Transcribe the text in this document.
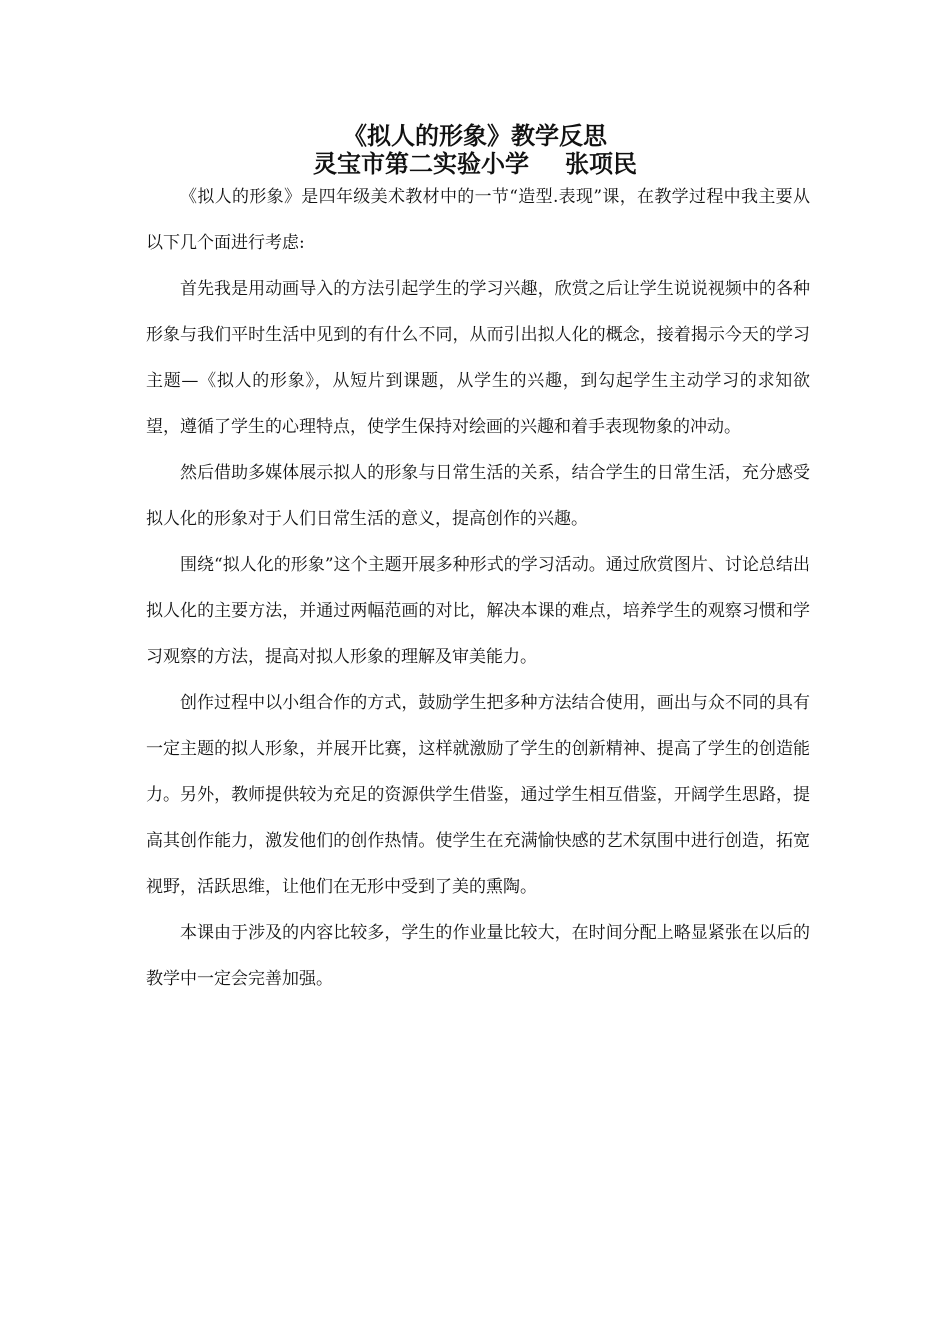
《拟人的形象》教学反思
灵宝市第二实验小学 张项民

《拟人的形象》是四年级美术教材中的一节“造型.表现”课，在教学过程中我主要从以下几个面进行考虑:

首先我是用动画导入的方法引起学生的学习兴趣，欣赏之后让学生说说视频中的各种形象与我们平时生活中见到的有什么不同，从而引出拟人化的概念，接着揭示今天的学习主题—《拟人的形象》，从短片到课题，从学生的兴趣，到勾起学生主动学习的求知欲望，遵循了学生的心理特点，使学生保持对绘画的兴趣和着手表现物象的冲动。

然后借助多媒体展示拟人的形象与日常生活的关系，结合学生的日常生活，充分感受拟人化的形象对于人们日常生活的意义，提高创作的兴趣。

围绕“拟人化的形象”这个主题开展多种形式的学习活动。通过欣赏图片、讨论总结出拟人化的主要方法，并通过两幅范画的对比，解决本课的难点，培养学生的观察习惯和学习观察的方法，提高对拟人形象的理解及审美能力。

创作过程中以小组合作的方式，鼓励学生把多种方法结合使用，画出与众不同的具有一定主题的拟人形象，并展开比赛，这样就激励了学生的创新精神、提高了学生的创造能力。另外，教师提供较为充足的资源供学生借鉴，通过学生相互借鉴，开阔学生思路，提高其创作能力，激发他们的创作热情。使学生在充满愉快感的艺术氛围中进行创造，拓宽视野，活跃思维，让他们在无形中受到了美的熏陶。

本课由于涉及的内容比较多，学生的作业量比较大，在时间分配上略显紧张在以后的教学中一定会完善加强。
